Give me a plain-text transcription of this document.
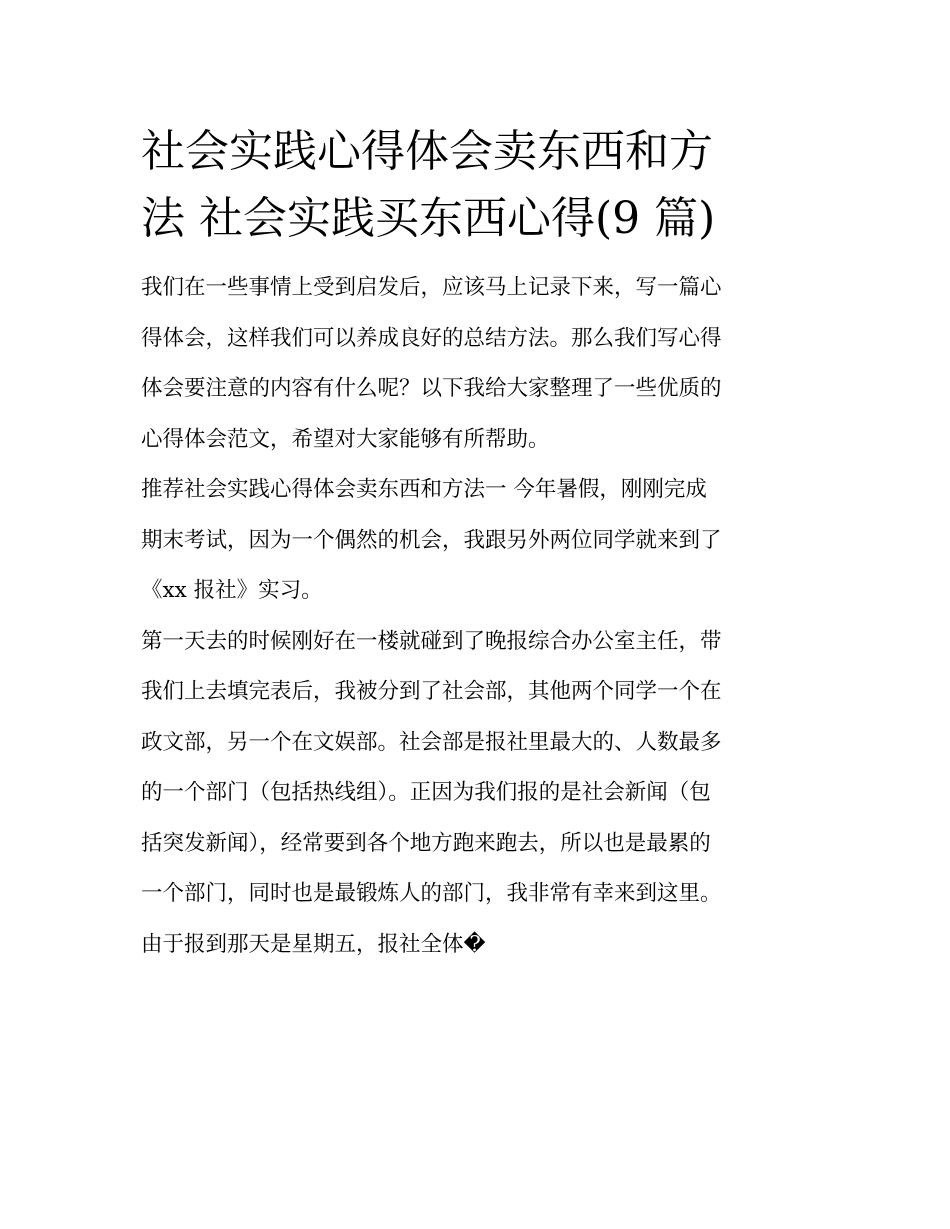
社会实践心得体会卖东西和方
法 社会实践买东西心得(9 篇)

我们在一些事情上受到启发后，应该马上记录下来，写一篇心
得体会，这样我们可以养成良好的总结方法。那么我们写心得
体会要注意的内容有什么呢？以下我给大家整理了一些优质的
心得体会范文，希望对大家能够有所帮助。

推荐社会实践心得体会卖东西和方法一 今年暑假，刚刚完成
期末考试，因为一个偶然的机会，我跟另外两位同学就来到了
《xx 报社》实习。

第一天去的时候刚好在一楼就碰到了晚报综合办公室主任，带
我们上去填完表后，我被分到了社会部，其他两个同学一个在
政文部，另一个在文娱部。社会部是报社里最大的、人数最多
的一个部门（包括热线组）。正因为我们报的是社会新闻（包
括突发新闻），经常要到各个地方跑来跑去，所以也是最累的
一个部门，同时也是最锻炼人的部门，我非常有幸来到这里。
由于报到那天是星期五，报社全体�
